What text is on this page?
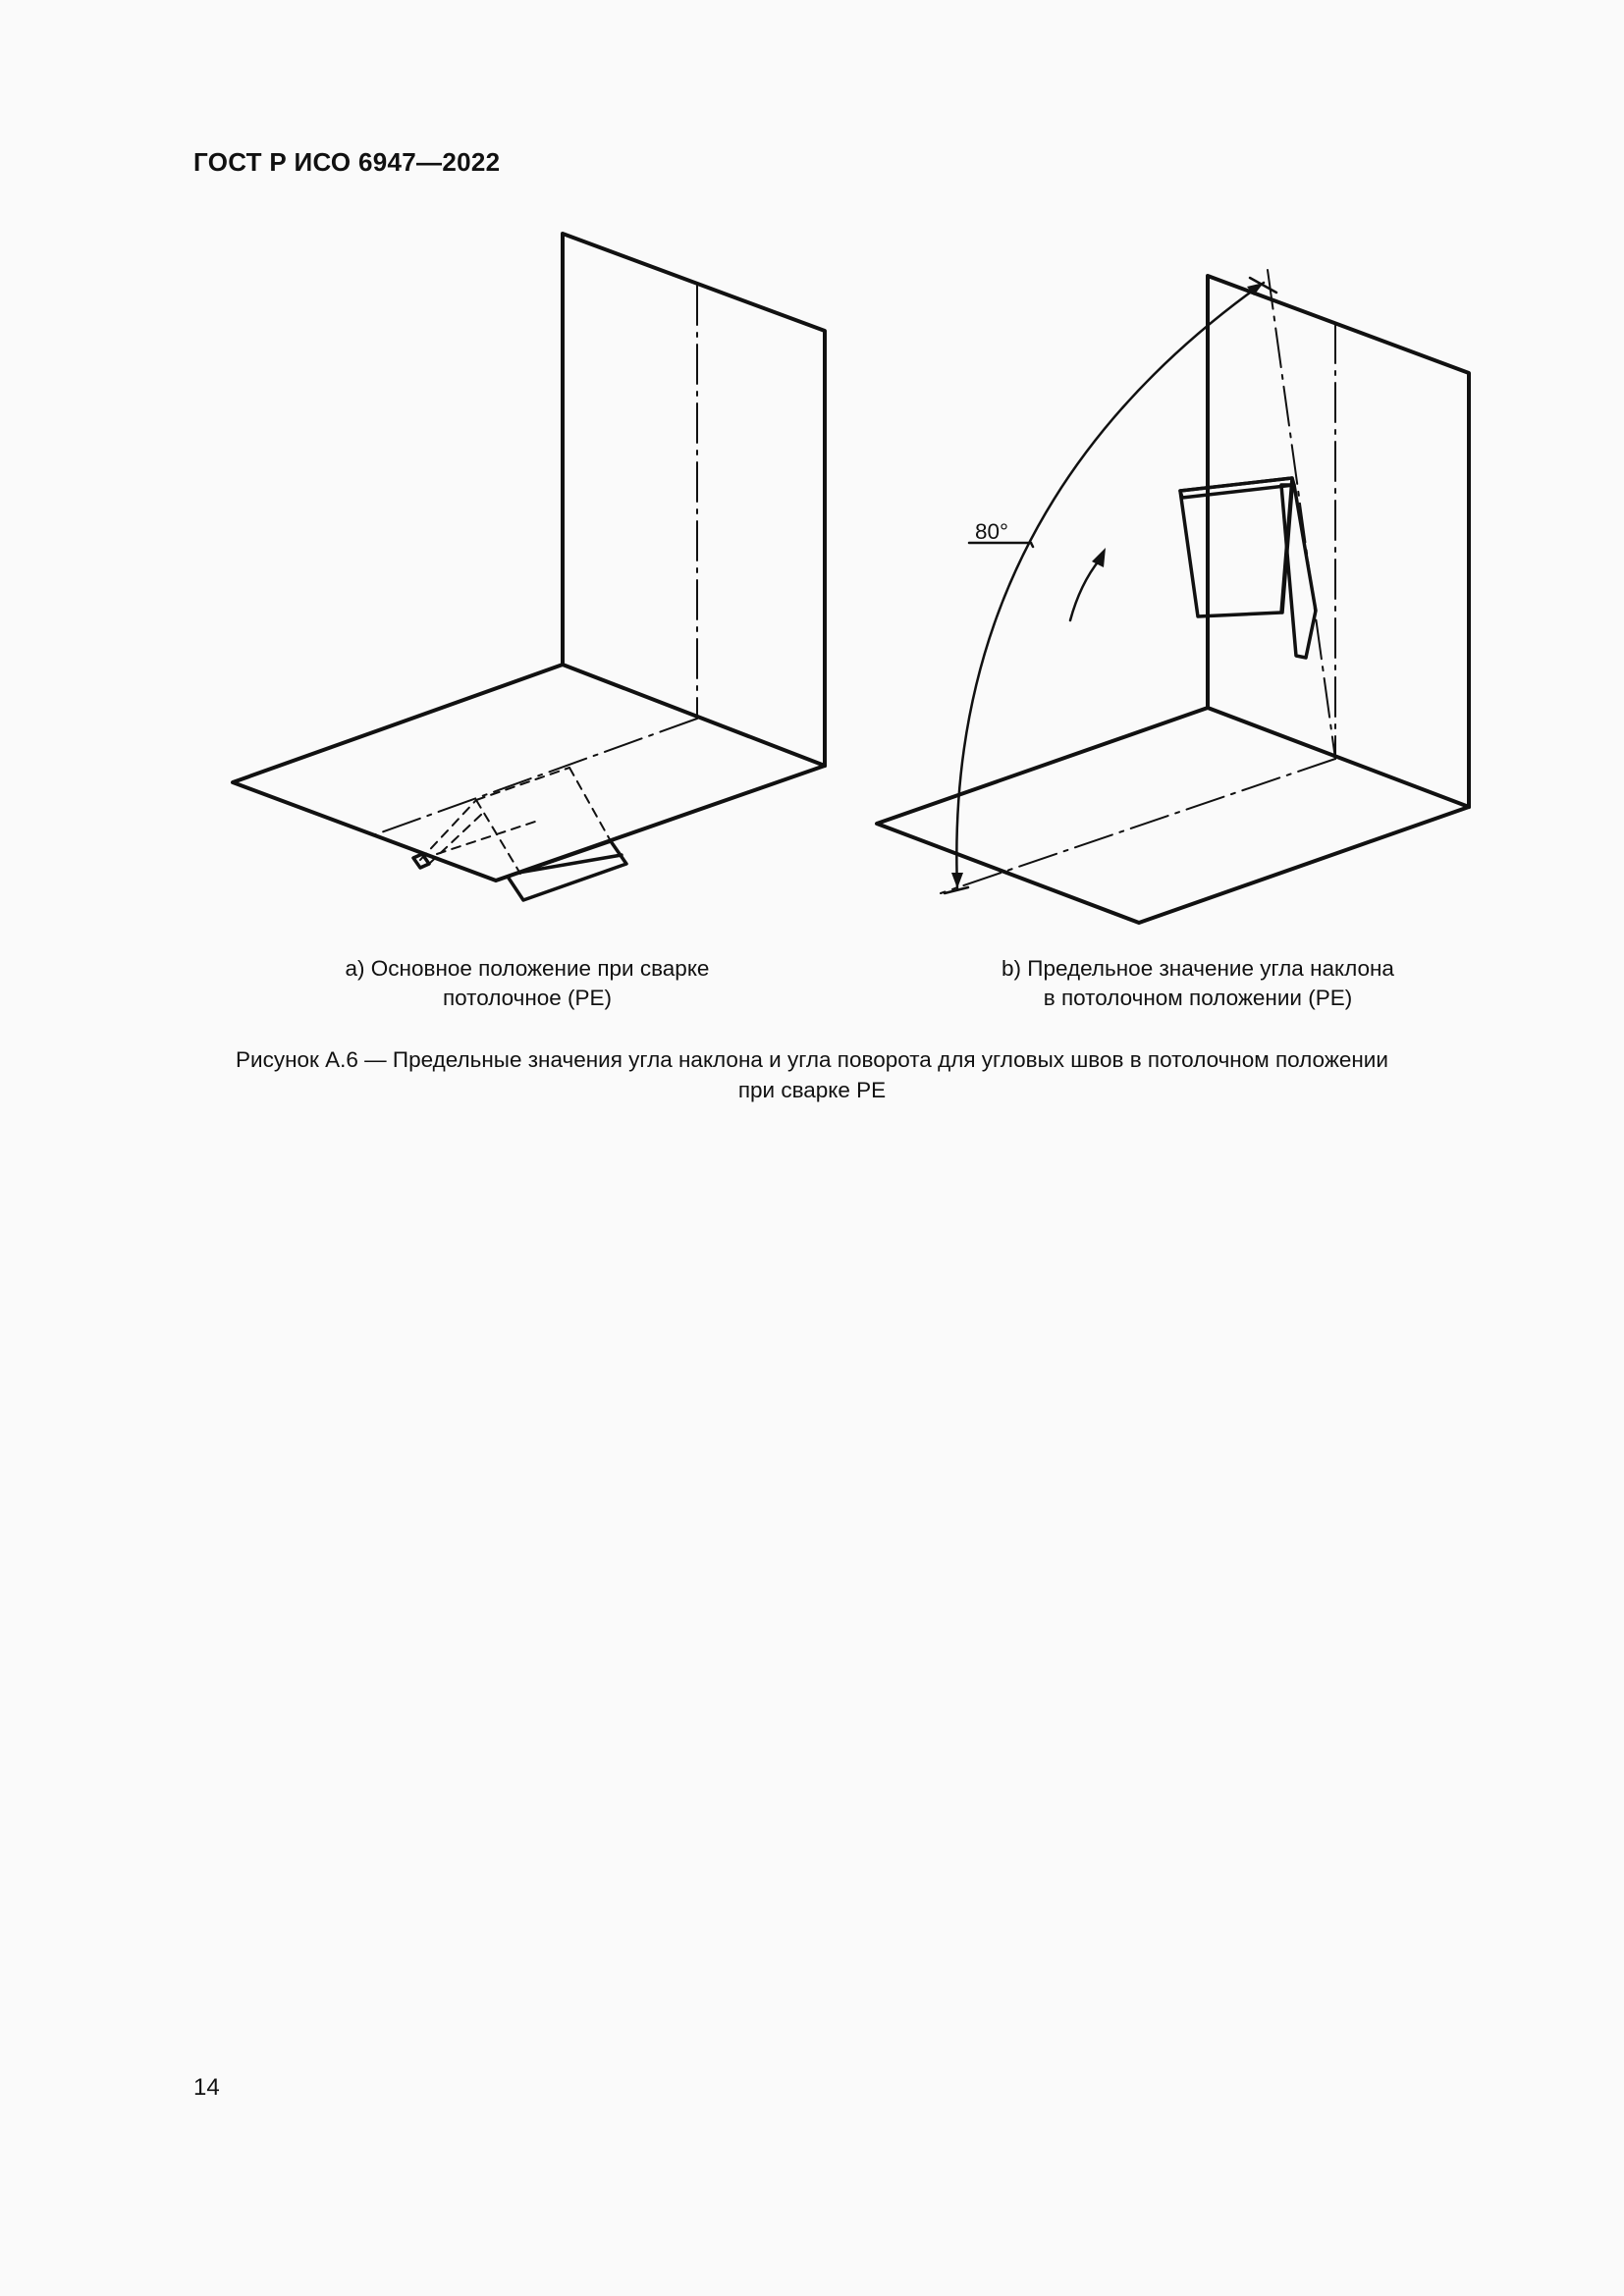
ГОСТ Р ИСО 6947—2022
80°
a) Основное положение при сварке
потолочное (PE)
b) Предельное значение угла наклона
в потолочном положении (PE)
Рисунок А.6 — Предельные значения угла наклона и угла поворота для угловых швов в потолочном положении
при сварке PE
14
